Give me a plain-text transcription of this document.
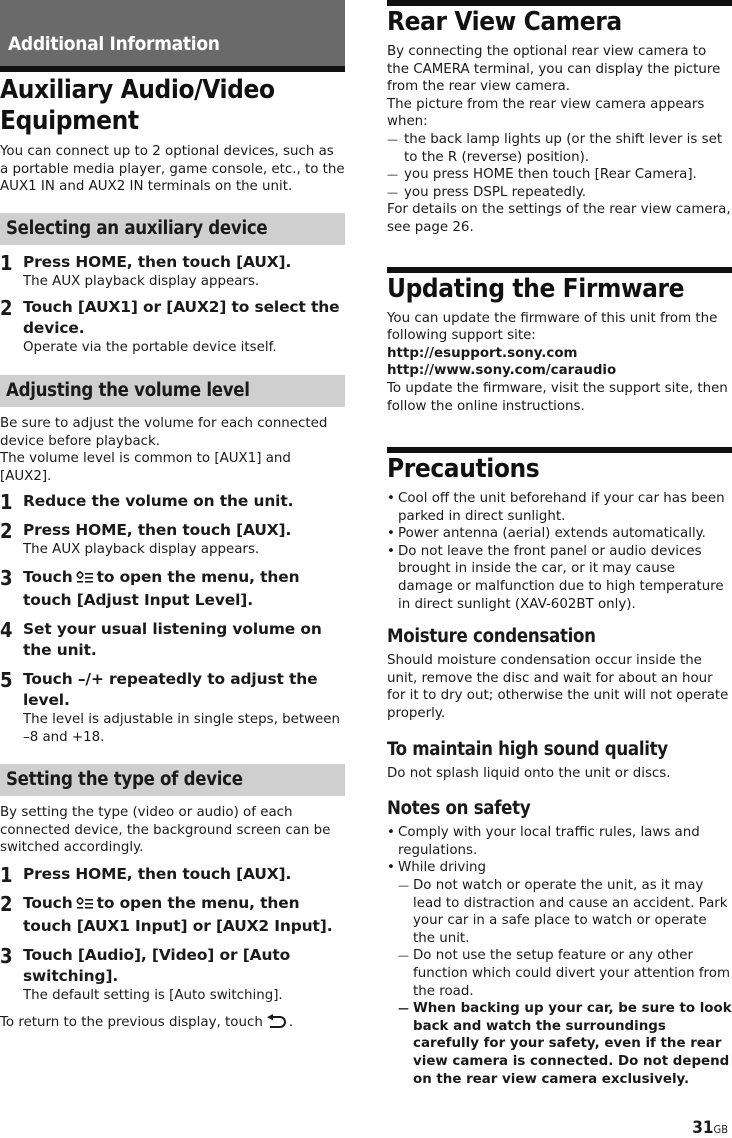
Additional Information
Auxiliary Audio/Video Equipment

You can connect up to 2 optional devices, such as a portable media player, game console, etc., to the AUX1 IN and AUX2 IN terminals on the unit.

Selecting an auxiliary device
1 Press HOME, then touch [AUX].
The AUX playback display appears.
2 Touch [AUX1] or [AUX2] to select the device.
Operate via the portable device itself.
Adjusting the volume level

Be sure to adjust the volume for each connected device before playback.

The volume level is common to [AUX1] and [AUX2].

1 Reduce the volume on the unit.
2 Press HOME, then touch [AUX].
The AUX playback display appears.
3 Touch to open the menu, then touch [Adjust Input Level].
4 Set your usual listening volume on the unit.
5 Touch –/+ repeatedly to adjust the level.
The level is adjustable in single steps, between –8 and +18.
Setting the type of device

By setting the type (video or audio) of each connected device, the background screen can be switched accordingly.

1 Press HOME, then touch [AUX].
2 Touch to open the menu, then touch [AUX1 Input] or [AUX2 Input].
3 Touch [Audio], [Video] or [Auto switching].
The default setting is [Auto switching].

To return to the previous display, touch .

Rear View Camera

By connecting the optional rear view camera to the CAMERA terminal, you can display the picture from the rear view camera.

The picture from the rear view camera appears when:

— the back lamp lights up (or the shift lever is set to the R (reverse) position).
— you press HOME then touch [Rear Camera].
— you press DSPL repeatedly.

For details on the settings of the rear view camera, see page 26.

Updating the Firmware

You can update the firmware of this unit from the following support site:

http://esupport.sony.com

http://www.sony.com/caraudio

To update the firmware, visit the support site, then follow the online instructions.

Precautions
• Cool off the unit beforehand if your car has been parked in direct sunlight.
• Power antenna (aerial) extends automatically.
• Do not leave the front panel or audio devices brought in inside the car, or it may cause damage or malfunction due to high temperature in direct sunlight (XAV-602BT only).
Moisture condensation

Should moisture condensation occur inside the unit, remove the disc and wait for about an hour for it to dry out; otherwise the unit will not operate properly.

To maintain high sound quality

Do not splash liquid onto the unit or discs.

Notes on safety
• Comply with your local traffic rules, laws and regulations.
• While driving
— Do not watch or operate the unit, as it may lead to distraction and cause an accident. Park your car in a safe place to watch or operate the unit.
— Do not use the setup feature or any other function which could divert your attention from the road.
— When backing up your car, be sure to look back and watch the surroundings carefully for your safety, even if the rear view camera is connected. Do not depend on the rear view camera exclusively.
31GB
